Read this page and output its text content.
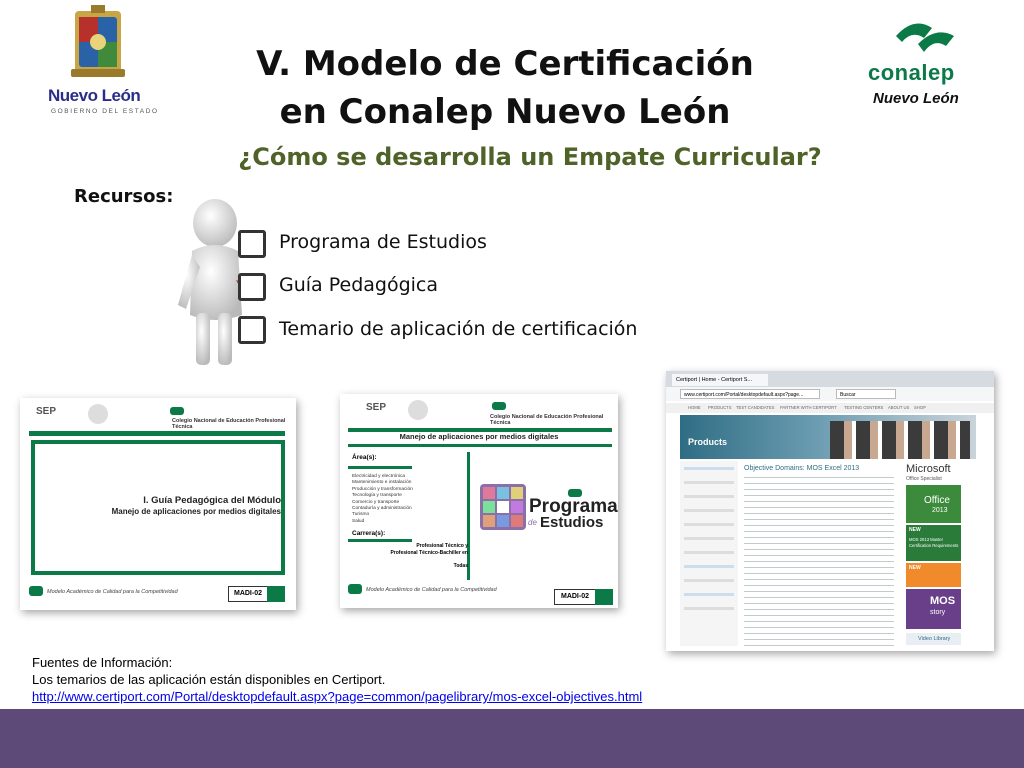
Nuevo León
GOBIERNO DEL ESTADO
conalep
Nuevo León
V. Modelo de Certificación
en Conalep Nuevo León
¿Cómo se desarrolla un Empate Curricular?
Recursos:
Programa de Estudios
Guía Pedagógica
Temario de aplicación de certificación
SEP
Colegio Nacional de Educación Profesional Técnica
I. Guía Pedagógica del Módulo
Manejo de aplicaciones por medios digitales
Modelo Académico de Calidad para la Competitividad	MADI-02
SEP
Colegio Nacional de Educación Profesional Técnica
Manejo de aplicaciones por medios digitales
Área(s):
Electricidad y electrónica
Mantenimiento e instalación
Producción y transformación
Tecnología y transporte
Comercio y transporte
Contaduría y administración
Turismo
Salud
Carrera(s):
Profesional Técnico y
Profesional Técnico-Bachiller en
Todas
Programa
de Estudios
Modelo Académico de Calidad para la Competitividad
MADI-02
Certiport | Home - Certiport S...
www.certiport.com/Portal/desktopdefault.aspx?page...	Buscar
HOME PRODUCTS TEST CANDIDATES PARTNER WITH CERTIPORT TESTING CENTERS ABOUT US SHOP
Products
Objective Domains: MOS Excel 2013	Microsoft
Office Specialist
Office
2013
NEW
MOS 2013 Master Certification Requirements
NEW
MOS
story
Video Library
Fuentes de Información:
Los temarios de las aplicación están disponibles en Certiport.
http://www.certiport.com/Portal/desktopdefault.aspx?page=common/pagelibrary/mos-excel-objectives.html
